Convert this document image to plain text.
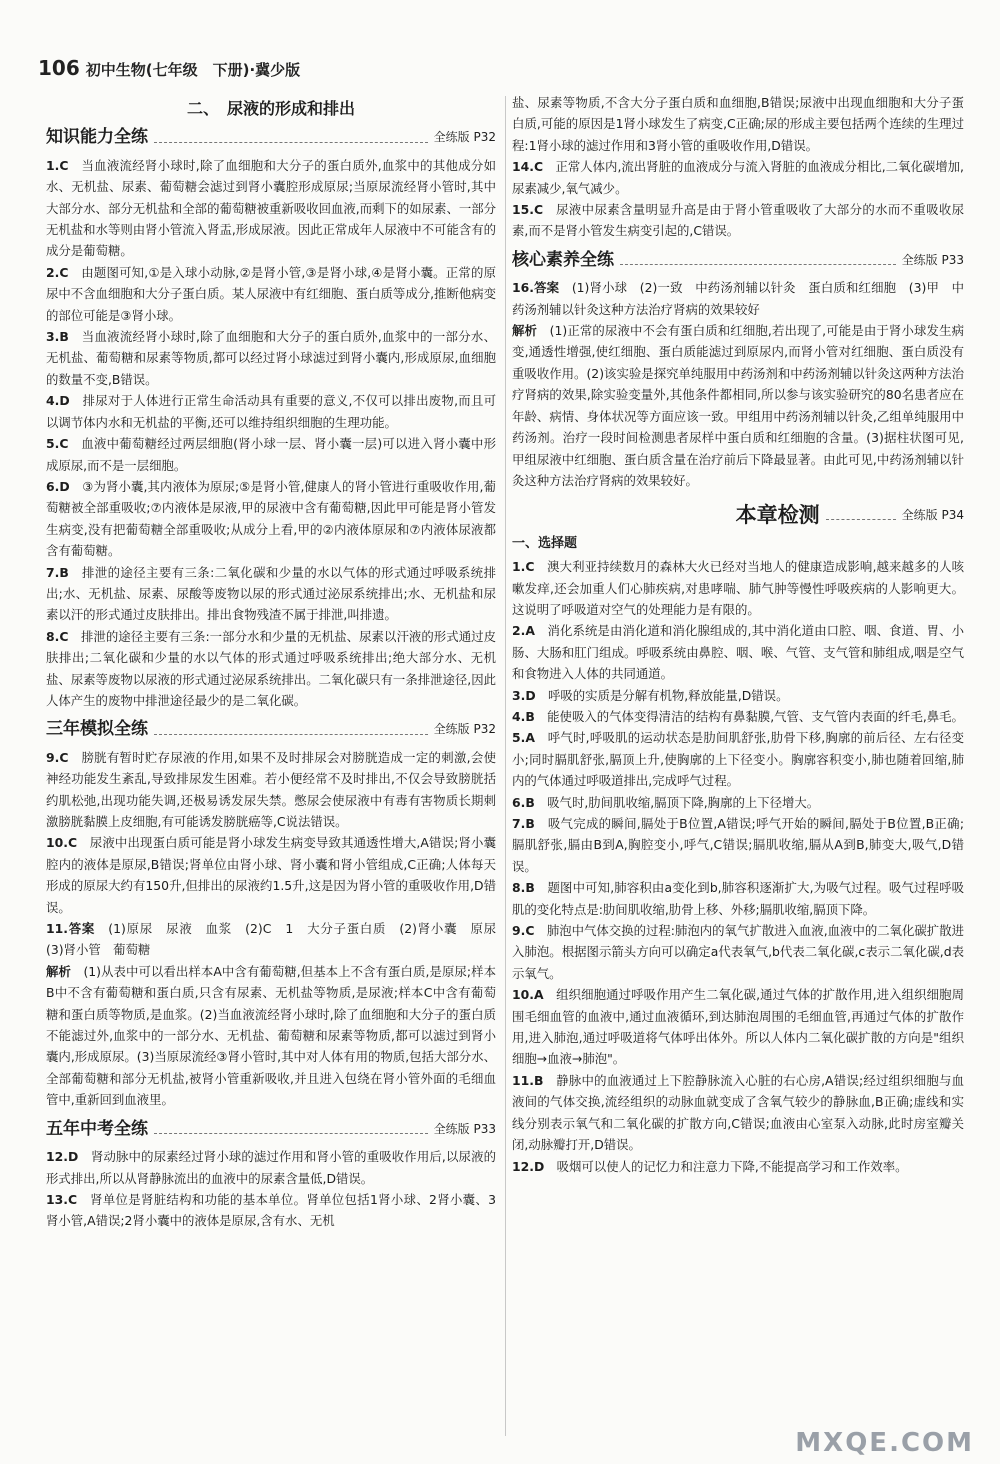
106 初中生物(七年级　下册)·冀少版
二、　尿液的形成和排出
知识能力全练	全练版 P32
1.C　 当血液流经肾小球时,除了血细胞和大分子的蛋白质外,血浆中的其他成分如水、无机盐、尿素、葡萄糖会滤过到肾小囊腔形成原尿;当原尿流经肾小管时,其中大部分水、部分无机盐和全部的葡萄糖被重新吸收回血液,而剩下的如尿素、一部分无机盐和水等则由肾小管流入肾盂,形成尿液。因此正常成年人尿液中不可能含有的成分是葡萄糖。
2.C　 由题图可知,①是入球小动脉,②是肾小管,③是肾小球,④是肾小囊。正常的原尿中不含血细胞和大分子蛋白质。某人尿液中有红细胞、蛋白质等成分,推断他病变的部位可能是③肾小球。
3.B　 当血液流经肾小球时,除了血细胞和大分子的蛋白质外,血浆中的一部分水、无机盐、葡萄糖和尿素等物质,都可以经过肾小球滤过到肾小囊内,形成原尿,血细胞的数量不变,B错误。
4.D　 排尿对于人体进行正常生命活动具有重要的意义,不仅可以排出废物,而且可以调节体内水和无机盐的平衡,还可以维持组织细胞的生理功能。
5.C　 血液中葡萄糖经过两层细胞(肾小球一层、肾小囊一层)可以进入肾小囊中形成原尿,而不是一层细胞。
6.D　 ③为肾小囊,其内液体为原尿;⑤是肾小管,健康人的肾小管进行重吸收作用,葡萄糖被全部重吸收;⑦内液体是尿液,甲的尿液中含有葡萄糖,因此甲可能是肾小管发生病变,没有把葡萄糖全部重吸收;从成分上看,甲的②内液体原尿和⑦内液体尿液都含有葡萄糖。
7.B　 排泄的途径主要有三条:二氧化碳和少量的水以气体的形式通过呼吸系统排出;水、无机盐、尿素、尿酸等废物以尿的形式通过泌尿系统排出;水、无机盐和尿素以汗的形式通过皮肤排出。排出食物残渣不属于排泄,叫排遗。
8.C　 排泄的途径主要有三条:一部分水和少量的无机盐、尿素以汗液的形式通过皮肤排出;二氧化碳和少量的水以气体的形式通过呼吸系统排出;绝大部分水、无机盐、尿素等废物以尿液的形式通过泌尿系统排出。二氧化碳只有一条排泄途径,因此人体产生的废物中排泄途径最少的是二氧化碳。
三年模拟全练	全练版 P32
9.C　 膀胱有暂时贮存尿液的作用,如果不及时排尿会对膀胱造成一定的刺激,会使神经功能发生紊乱,导致排尿发生困难。若小便经常不及时排出,不仅会导致膀胱括约肌松弛,出现功能失调,还极易诱发尿失禁。憋尿会使尿液中有毒有害物质长期刺激膀胱黏膜上皮细胞,有可能诱发膀胱癌等,C说法错误。
10.C　 尿液中出现蛋白质可能是肾小球发生病变导致其通透性增大,A错误;肾小囊腔内的液体是原尿,B错误;肾单位由肾小球、肾小囊和肾小管组成,C正确;人体每天形成的原尿大约有150升,但排出的尿液约1.5升,这是因为肾小管的重吸收作用,D错误。
11.答案　 (1)原尿　尿液　血浆　(2)C　1　大分子蛋白质　(2)肾小囊　原尿　(3)肾小管　葡萄糖
解析　 (1)从表中可以看出样本A中含有葡萄糖,但基本上不含有蛋白质,是原尿;样本B中不含有葡萄糖和蛋白质,只含有尿素、无机盐等物质,是尿液;样本C中含有葡萄糖和蛋白质等物质,是血浆。(2)当血液流经肾小球时,除了血细胞和大分子的蛋白质不能滤过外,血浆中的一部分水、无机盐、葡萄糖和尿素等物质,都可以滤过到肾小囊内,形成原尿。(3)当原尿流经③肾小管时,其中对人体有用的物质,包括大部分水、全部葡萄糖和部分无机盐,被肾小管重新吸收,并且进入包绕在肾小管外面的毛细血管中,重新回到血液里。
五年中考全练	全练版 P33
12.D　 肾动脉中的尿素经过肾小球的滤过作用和肾小管的重吸收作用后,以尿液的形式排出,所以从肾静脉流出的血液中的尿素含量低,D错误。
13.C　 肾单位是肾脏结构和功能的基本单位。肾单位包括1肾小球、2肾小囊、3肾小管,A错误;2肾小囊中的液体是原尿,含有水、无机
盐、尿素等物质,不含大分子蛋白质和血细胞,B错误;尿液中出现血细胞和大分子蛋白质,可能的原因是1肾小球发生了病变,C正确;尿的形成主要包括两个连续的生理过程:1肾小球的滤过作用和3肾小管的重吸收作用,D错误。
14.C　 正常人体内,流出肾脏的血液成分与流入肾脏的血液成分相比,二氧化碳增加,尿素减少,氧气减少。
15.C　 尿液中尿素含量明显升高是由于肾小管重吸收了大部分的水而不重吸收尿素,而不是肾小管发生病变引起的,C错误。
核心素养全练	全练版 P33
16.答案　 (1)肾小球　(2)一致　中药汤剂辅以针灸　蛋白质和红细胞　(3)甲　中药汤剂辅以针灸这种方法治疗肾病的效果较好
解析　 (1)正常的尿液中不会有蛋白质和红细胞,若出现了,可能是由于肾小球发生病变,通透性增强,使红细胞、蛋白质能滤过到原尿内,而肾小管对红细胞、蛋白质没有重吸收作用。(2)该实验是探究单纯服用中药汤剂和中药汤剂辅以针灸这两种方法治疗肾病的效果,除实验变量外,其他条件都相同,所以参与该实验研究的80名患者应在年龄、病情、身体状况等方面应该一致。甲组用中药汤剂辅以针灸,乙组单纯服用中药汤剂。治疗一段时间检测患者尿样中蛋白质和红细胞的含量。(3)据柱状图可见,甲组尿液中红细胞、蛋白质含量在治疗前后下降最显著。由此可见,中药汤剂辅以针灸这种方法治疗肾病的效果较好。
本章检测	全练版 P34
一、选择题
1.C　 澳大利亚持续数月的森林大火已经对当地人的健康造成影响,越来越多的人咳嗽发痒,还会加重人们心肺疾病,对患哮喘、肺气肿等慢性呼吸疾病的人影响更大。这说明了呼吸道对空气的处理能力是有限的。
2.A　 消化系统是由消化道和消化腺组成的,其中消化道由口腔、咽、食道、胃、小肠、大肠和肛门组成。呼吸系统由鼻腔、咽、喉、气管、支气管和肺组成,咽是空气和食物进入人体的共同通道。
3.D　 呼吸的实质是分解有机物,释放能量,D错误。
4.B　 能使吸入的气体变得清洁的结构有鼻黏膜,气管、支气管内表面的纤毛,鼻毛。
5.A　 呼气时,呼吸肌的运动状态是肋间肌舒张,肋骨下移,胸廓的前后径、左右径变小;同时膈肌舒张,膈顶上升,使胸廓的上下径变小。胸廓容积变小,肺也随着回缩,肺内的气体通过呼吸道排出,完成呼气过程。
6.B　 吸气时,肋间肌收缩,膈顶下降,胸廓的上下径增大。
7.B　 吸气完成的瞬间,膈处于B位置,A错误;呼气开始的瞬间,膈处于B位置,B正确;膈肌舒张,膈由B到A,胸腔变小,呼气,C错误;膈肌收缩,膈从A到B,肺变大,吸气,D错误。
8.B　 题图中可知,肺容积由a变化到b,肺容积逐渐扩大,为吸气过程。吸气过程呼吸肌的变化特点是:肋间肌收缩,肋骨上移、外移;膈肌收缩,膈顶下降。
9.C　 肺泡中气体交换的过程:肺泡内的氧气扩散进入血液,血液中的二氧化碳扩散进入肺泡。根据图示箭头方向可以确定a代表氧气,b代表二氧化碳,c表示二氧化碳,d表示氧气。
10.A　 组织细胞通过呼吸作用产生二氧化碳,通过气体的扩散作用,进入组织细胞周围毛细血管的血液中,通过血液循环,到达肺泡周围的毛细血管,再通过气体的扩散作用,进入肺泡,通过呼吸道将气体呼出体外。所以人体内二氧化碳扩散的方向是"组织细胞→血液→肺泡"。
11.B　 静脉中的血液通过上下腔静脉流入心脏的右心房,A错误;经过组织细胞与血液间的气体交换,流经组织的动脉血就变成了含氧气较少的静脉血,B正确;虚线和实线分别表示氧气和二氧化碳的扩散方向,C错误;血液由心室泵入动脉,此时房室瓣关闭,动脉瓣打开,D错误。
12.D　 吸烟可以使人的记忆力和注意力下降,不能提高学习和工作效率。
MXQE.COM
